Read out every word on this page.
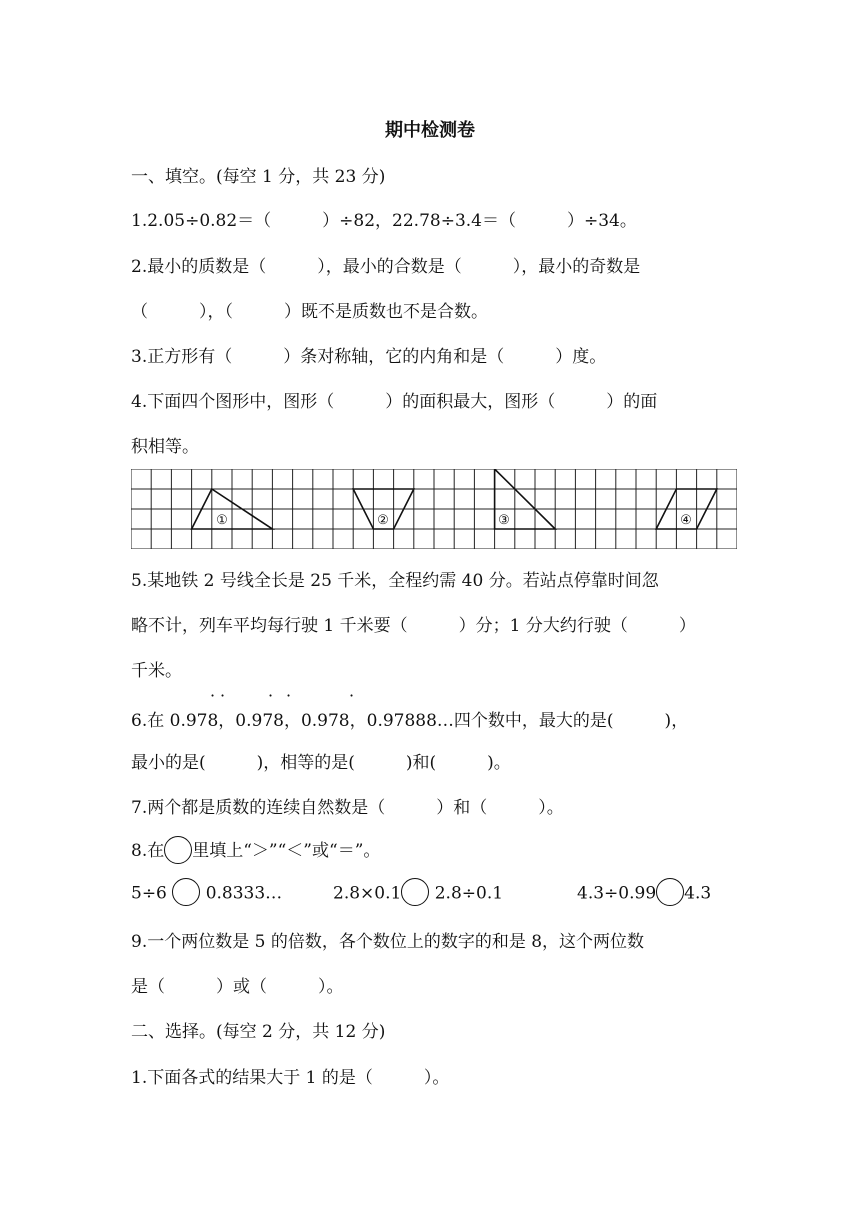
期中检测卷
一、填空。(每空 1 分，共 23 分)
1.2.05÷0.82＝（　　　）÷82，22.78÷3.4＝（　　　）÷34。
2.最小的质数是（　　　），最小的合数是（　　　），最小的奇数是
（　　　），（　　　）既不是质数也不是合数。
3.正方形有（　　　）条对称轴，它的内角和是（　　　）度。
4.下面四个图形中，图形（　　　）的面积最大，图形（　　　）的面
积相等。
①	②	③	④
5.某地铁 2 号线全长是 25 千米，全程约需 40 分。若站点停靠时间忽
略不计，列车平均每行驶 1 千米要（　　　）分；1 分大约行驶（　　　）
千米。
· ·	· ·	·
6.在 0.978，0.978，0.978，0.97888…四个数中，最大的是(　　　)，
最小的是(　　　)，相等的是(　　　)和(　　　)。
7.两个都是质数的连续自然数是（　　　）和（　　　）。
8.在 里填上“＞”“＜”或“＝”。
5÷6 0.8333…	2.8×0.1 2.8÷0.1	4.3÷0.99 4.3
9.一个两位数是 5 的倍数，各个数位上的数字的和是 8，这个两位数
是（　　　）或（　　　）。
二、选择。(每空 2 分，共 12 分)
1.下面各式的结果大于 1 的是（　　　）。
